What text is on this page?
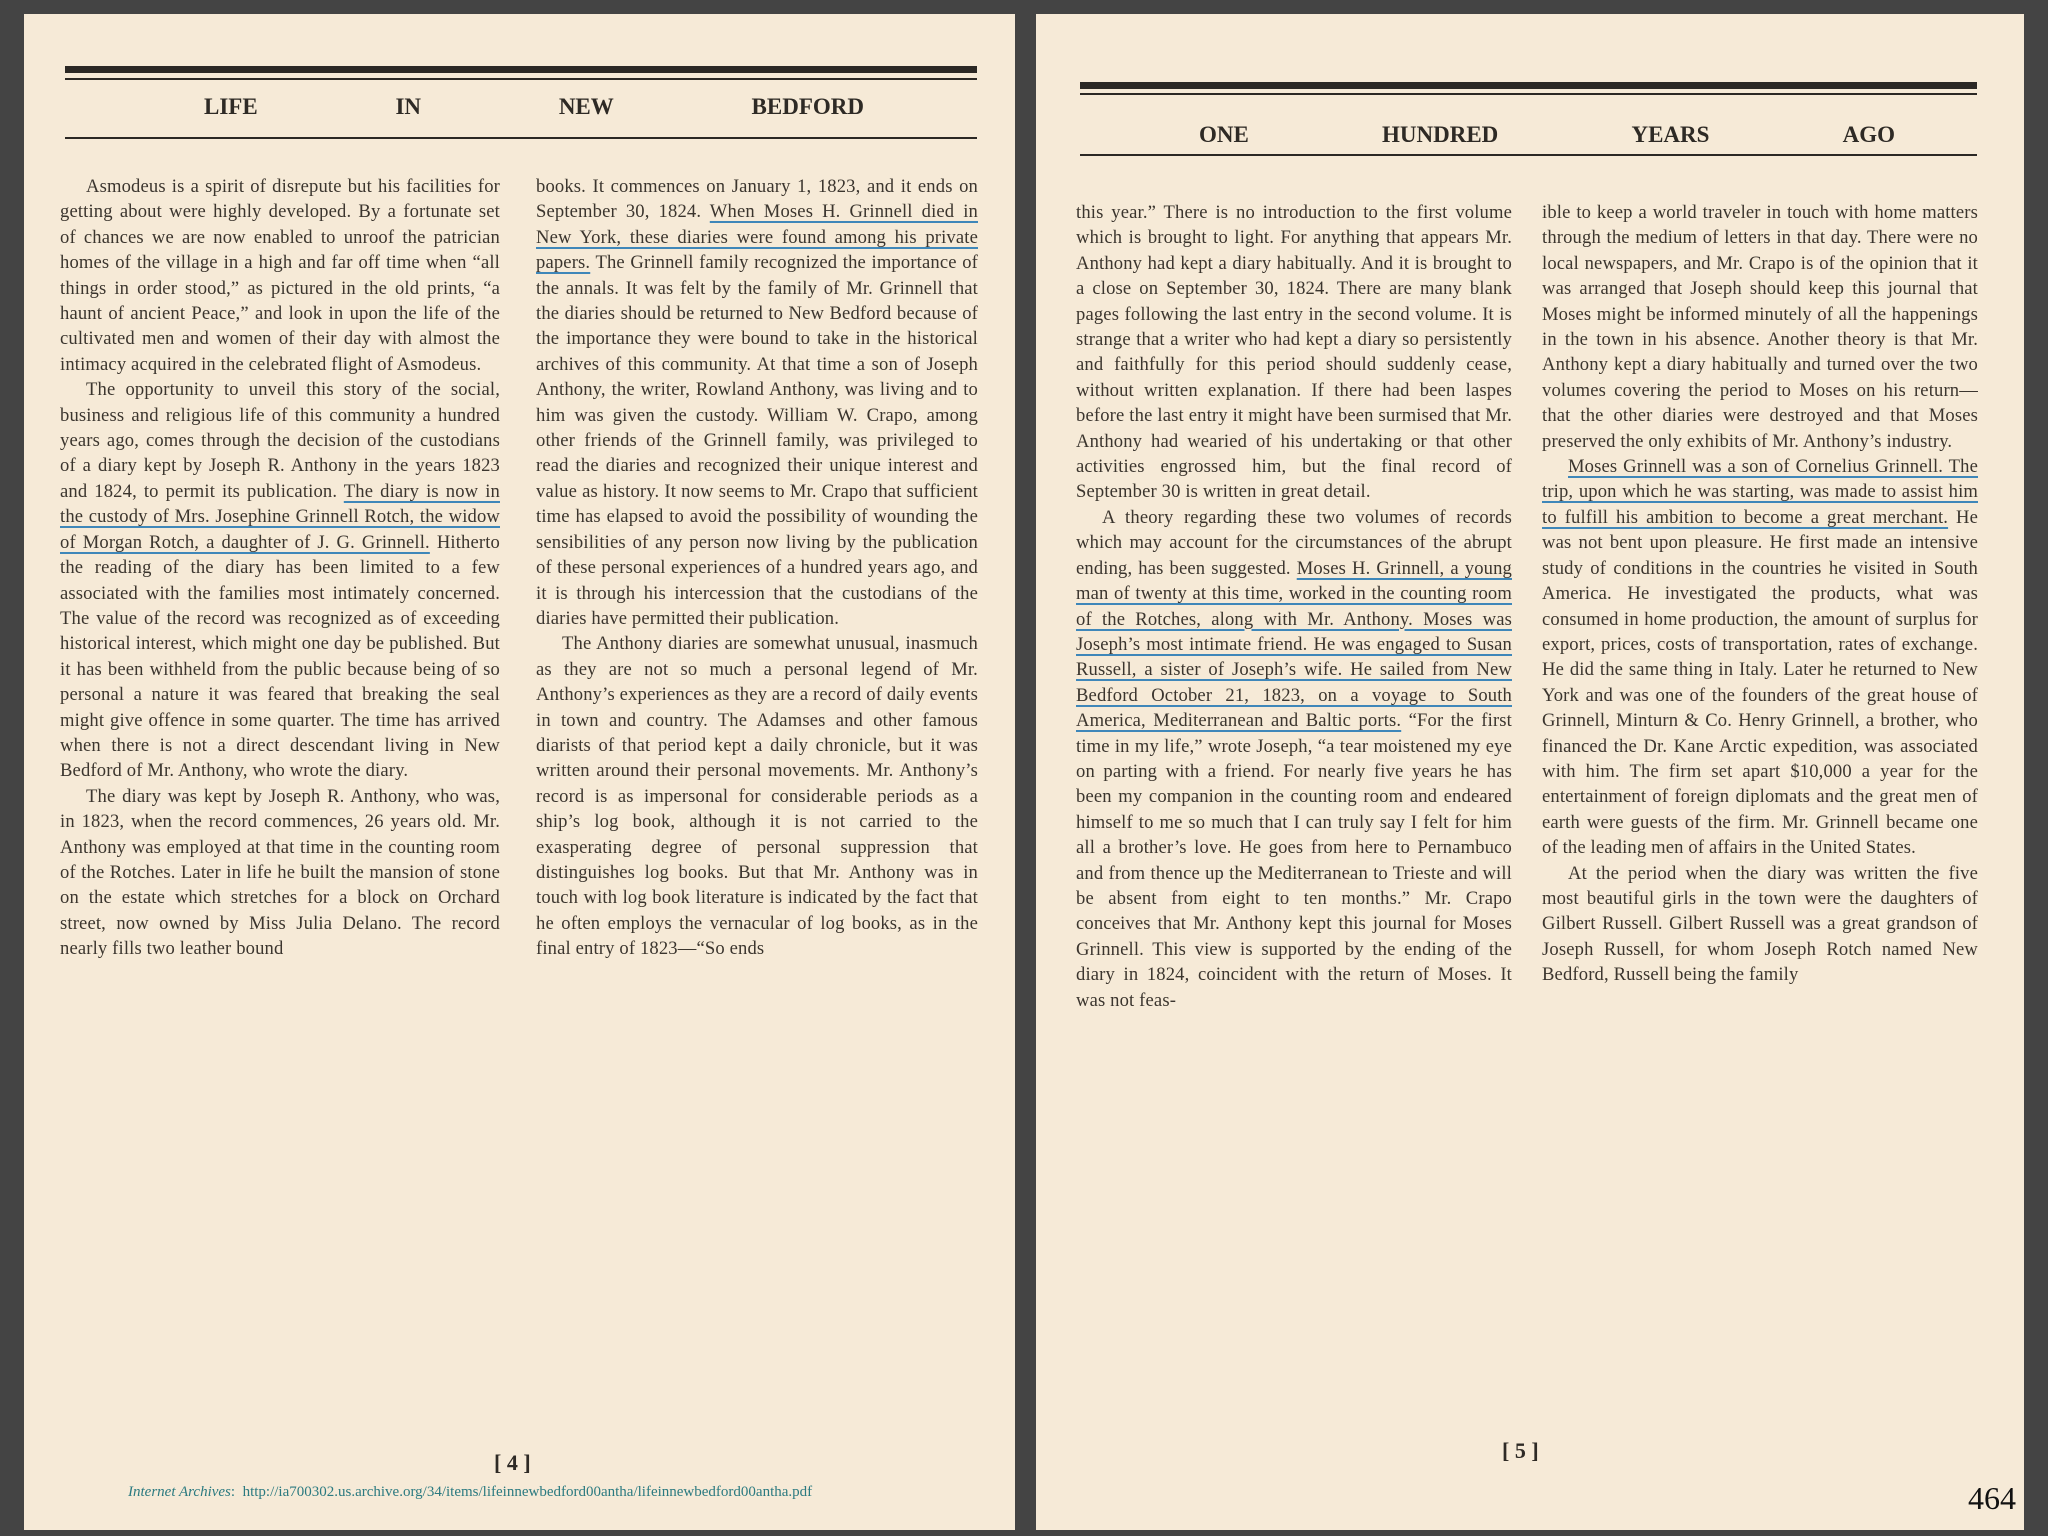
LIFE	IN	NEW	BEDFORD

Asmodeus is a spirit of disrepute but his facilities for getting about were highly developed. By a fortunate set of chances we are now enabled to unroof the patrician homes of the village in a high and far off time when “all things in order stood,” as pictured in the old prints, “a haunt of ancient Peace,” and look in upon the life of the cultivated men and women of their day with almost the intimacy acquired in the celebrated flight of Asmodeus.

The opportunity to unveil this story of the social, business and religious life of this community a hundred years ago, comes through the decision of the custodians of a diary kept by Joseph R. Anthony in the years 1823 and 1824, to permit its publication. The diary is now in the custody of Mrs. Josephine Grinnell Rotch, the widow of Morgan Rotch, a daughter of J. G. Grinnell. Hitherto the reading of the diary has been limited to a few associated with the families most intimately concerned. The value of the record was recognized as of exceeding historical interest, which might one day be published. But it has been withheld from the public because being of so personal a nature it was feared that breaking the seal might give offence in some quarter. The time has arrived when there is not a direct descendant living in New Bedford of Mr. Anthony, who wrote the diary.

The diary was kept by Joseph R. Anthony, who was, in 1823, when the record commences, 26 years old. Mr. Anthony was employed at that time in the counting room of the Rotches. Later in life he built the mansion of stone on the estate which stretches for a block on Orchard street, now owned by Miss Julia Delano. The record nearly fills two leather bound

books. It commences on January 1, 1823, and it ends on September 30, 1824. When Moses H. Grinnell died in New York, these diaries were found among his private papers. The Grinnell family recognized the importance of the annals. It was felt by the family of Mr. Grinnell that the diaries should be returned to New Bedford because of the importance they were bound to take in the historical archives of this community. At that time a son of Joseph Anthony, the writer, Rowland Anthony, was living and to him was given the custody. William W. Crapo, among other friends of the Grinnell family, was privileged to read the diaries and recognized their unique interest and value as history. It now seems to Mr. Crapo that sufficient time has elapsed to avoid the possibility of wounding the sensibilities of any person now living by the publication of these personal experiences of a hundred years ago, and it is through his intercession that the custodians of the diaries have permitted their publication.

The Anthony diaries are somewhat unusual, inasmuch as they are not so much a personal legend of Mr. Anthony’s experiences as they are a record of daily events in town and country. The Adamses and other famous diarists of that period kept a daily chronicle, but it was written around their personal movements. Mr. Anthony’s record is as impersonal for considerable periods as a ship’s log book, although it is not carried to the exasperating degree of personal suppression that distinguishes log books. But that Mr. Anthony was in touch with log book literature is indicated by the fact that he often employs the vernacular of log books, as in the final entry of 1823—“So ends

[ 4 ]
ONE	HUNDRED	YEARS	AGO

this year.” There is no introduction to the first volume which is brought to light. For anything that appears Mr. Anthony had kept a diary habitually. And it is brought to a close on September 30, 1824. There are many blank pages following the last entry in the second volume. It is strange that a writer who had kept a diary so persistently and faithfully for this period should suddenly cease, without written explanation. If there had been laspes before the last entry it might have been surmised that Mr. Anthony had wearied of his undertaking or that other activities engrossed him, but the final record of September 30 is written in great detail.

A theory regarding these two volumes of records which may account for the circumstances of the abrupt ending, has been suggested. Moses H. Grinnell, a young man of twenty at this time, worked in the counting room of the Rotches, along with Mr. Anthony. Moses was Joseph’s most intimate friend. He was engaged to Susan Russell, a sister of Joseph’s wife. He sailed from New Bedford October 21, 1823, on a voyage to South America, Mediterranean and Baltic ports. “For the first time in my life,” wrote Joseph, “a tear moistened my eye on parting with a friend. For nearly five years he has been my companion in the counting room and endeared himself to me so much that I can truly say I felt for him all a brother’s love. He goes from here to Pernambuco and from thence up the Mediterranean to Trieste and will be absent from eight to ten months.” Mr. Crapo conceives that Mr. Anthony kept this journal for Moses Grinnell. This view is supported by the ending of the diary in 1824, coincident with the return of Moses. It was not feas-

ible to keep a world traveler in touch with home matters through the medium of letters in that day. There were no local newspapers, and Mr. Crapo is of the opinion that it was arranged that Joseph should keep this journal that Moses might be informed minutely of all the happenings in the town in his absence. Another theory is that Mr. Anthony kept a diary habitually and turned over the two volumes covering the period to Moses on his return—that the other diaries were destroyed and that Moses preserved the only exhibits of Mr. Anthony’s industry.

Moses Grinnell was a son of Cornelius Grinnell. The trip, upon which he was starting, was made to assist him to fulfill his ambition to become a great merchant. He was not bent upon pleasure. He first made an intensive study of conditions in the countries he visited in South America. He investigated the products, what was consumed in home production, the amount of surplus for export, prices, costs of transportation, rates of exchange. He did the same thing in Italy. Later he returned to New York and was one of the founders of the great house of Grinnell, Minturn & Co. Henry Grinnell, a brother, who financed the Dr. Kane Arctic expedition, was associated with him. The firm set apart $10,000 a year for the entertainment of foreign diplomats and the great men of earth were guests of the firm. Mr. Grinnell became one of the leading men of affairs in the United States.

At the period when the diary was written the five most beautiful girls in the town were the daughters of Gilbert Russell. Gilbert Russell was a great grandson of Joseph Russell, for whom Joseph Rotch named New Bedford, Russell being the family

[ 5 ]
Internet Archives:  http://ia700302.us.archive.org/34/items/lifeinnewbedford00antha/lifeinnewbedford00antha.pdf	464
